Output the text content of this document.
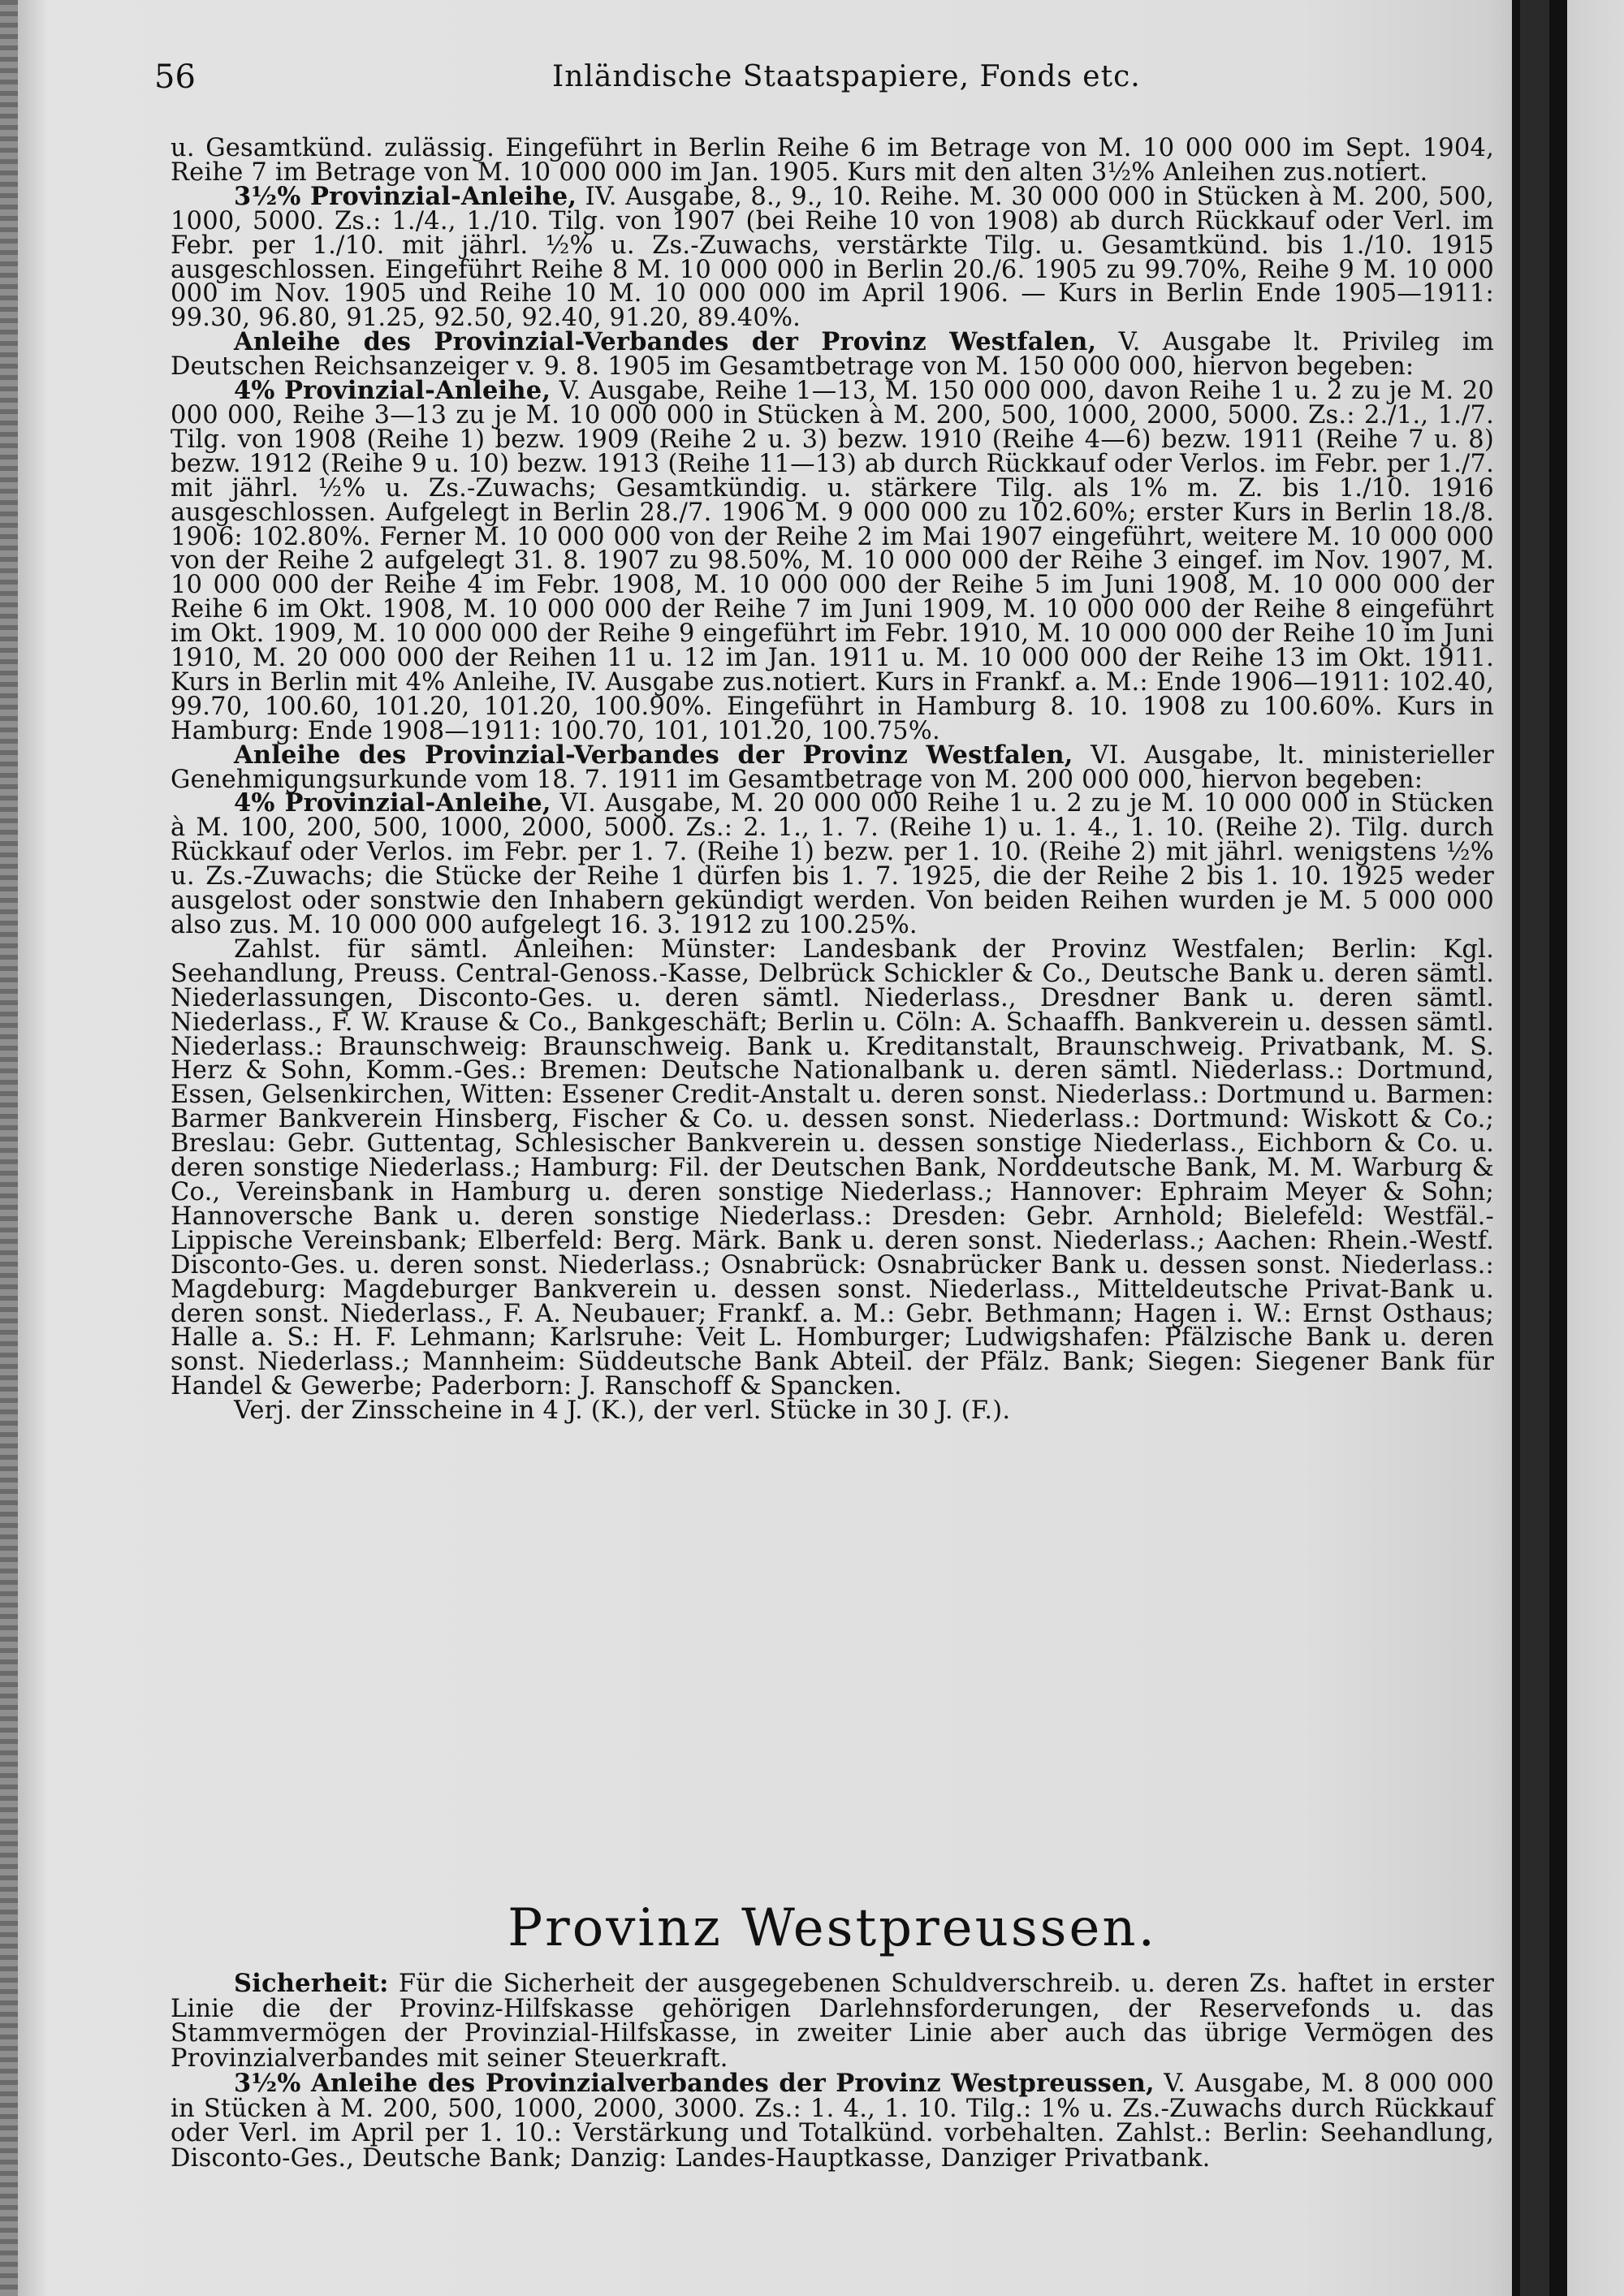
56	Inländische Staatspapiere, Fonds etc.

u. Gesamtkünd. zulässig. Eingeführt in Berlin Reihe 6 im Betrage von M. 10 000 000 im Sept. 1904, Reihe 7 im Betrage von M. 10 000 000 im Jan. 1905. Kurs mit den alten 3½% Anleihen zus.notiert.

3½% Provinzial-Anleihe, IV. Ausgabe, 8., 9., 10. Reihe. M. 30 000 000 in Stücken à M. 200, 500, 1000, 5000. Zs.: 1./4., 1./10. Tilg. von 1907 (bei Reihe 10 von 1908) ab durch Rückkauf oder Verl. im Febr. per 1./10. mit jährl. ½% u. Zs.-Zuwachs, verstärkte Tilg. u. Gesamtkünd. bis 1./10. 1915 ausgeschlossen. Eingeführt Reihe 8 M. 10 000 000 in Berlin 20./6. 1905 zu 99.70%, Reihe 9 M. 10 000 000 im Nov. 1905 und Reihe 10 M. 10 000 000 im April 1906. — Kurs in Berlin Ende 1905—1911: 99.30, 96.80, 91.25, 92.50, 92.40, 91.20, 89.40%.

Anleihe des Provinzial-Verbandes der Provinz Westfalen, V. Ausgabe lt. Privileg im Deutschen Reichsanzeiger v. 9. 8. 1905 im Gesamtbetrage von M. 150 000 000, hiervon begeben:

4% Provinzial-Anleihe, V. Ausgabe, Reihe 1—13, M. 150 000 000, davon Reihe 1 u. 2 zu je M. 20 000 000, Reihe 3—13 zu je M. 10 000 000 in Stücken à M. 200, 500, 1000, 2000, 5000. Zs.: 2./1., 1./7. Tilg. von 1908 (Reihe 1) bezw. 1909 (Reihe 2 u. 3) bezw. 1910 (Reihe 4—6) bezw. 1911 (Reihe 7 u. 8) bezw. 1912 (Reihe 9 u. 10) bezw. 1913 (Reihe 11—13) ab durch Rückkauf oder Verlos. im Febr. per 1./7. mit jährl. ½% u. Zs.-Zuwachs; Gesamtkündig. u. stärkere Tilg. als 1% m. Z. bis 1./10. 1916 ausgeschlossen. Aufgelegt in Berlin 28./7. 1906 M. 9 000 000 zu 102.60%; erster Kurs in Berlin 18./8. 1906: 102.80%. Ferner M. 10 000 000 von der Reihe 2 im Mai 1907 eingeführt, weitere M. 10 000 000 von der Reihe 2 aufgelegt 31. 8. 1907 zu 98.50%, M. 10 000 000 der Reihe 3 eingef. im Nov. 1907, M. 10 000 000 der Reihe 4 im Febr. 1908, M. 10 000 000 der Reihe 5 im Juni 1908, M. 10 000 000 der Reihe 6 im Okt. 1908, M. 10 000 000 der Reihe 7 im Juni 1909, M. 10 000 000 der Reihe 8 eingeführt im Okt. 1909, M. 10 000 000 der Reihe 9 eingeführt im Febr. 1910, M. 10 000 000 der Reihe 10 im Juni 1910, M. 20 000 000 der Reihen 11 u. 12 im Jan. 1911 u. M. 10 000 000 der Reihe 13 im Okt. 1911. Kurs in Berlin mit 4% Anleihe, IV. Ausgabe zus.notiert. Kurs in Frankf. a. M.: Ende 1906—1911: 102.40, 99.70, 100.60, 101.20, 101.20, 100.90%. Eingeführt in Hamburg 8. 10. 1908 zu 100.60%. Kurs in Hamburg: Ende 1908—1911: 100.70, 101, 101.20, 100.75%.

Anleihe des Provinzial-Verbandes der Provinz Westfalen, VI. Ausgabe, lt. ministerieller Genehmigungsurkunde vom 18. 7. 1911 im Gesamtbetrage von M. 200 000 000, hiervon begeben:

4% Provinzial-Anleihe, VI. Ausgabe, M. 20 000 000 Reihe 1 u. 2 zu je M. 10 000 000 in Stücken à M. 100, 200, 500, 1000, 2000, 5000. Zs.: 2. 1., 1. 7. (Reihe 1) u. 1. 4., 1. 10. (Reihe 2). Tilg. durch Rückkauf oder Verlos. im Febr. per 1. 7. (Reihe 1) bezw. per 1. 10. (Reihe 2) mit jährl. wenigstens ½% u. Zs.-Zuwachs; die Stücke der Reihe 1 dürfen bis 1. 7. 1925, die der Reihe 2 bis 1. 10. 1925 weder ausgelost oder sonstwie den Inhabern gekündigt werden. Von beiden Reihen wurden je M. 5 000 000 also zus. M. 10 000 000 aufgelegt 16. 3. 1912 zu 100.25%.

Zahlst. für sämtl. Anleihen: Münster: Landesbank der Provinz Westfalen; Berlin: Kgl. Seehandlung, Preuss. Central-Genoss.-Kasse, Delbrück Schickler & Co., Deutsche Bank u. deren sämtl. Niederlassungen, Disconto-Ges. u. deren sämtl. Niederlass., Dresdner Bank u. deren sämtl. Niederlass., F. W. Krause & Co., Bankgeschäft; Berlin u. Cöln: A. Schaaffh. Bankverein u. dessen sämtl. Niederlass.: Braunschweig: Braunschweig. Bank u. Kreditanstalt, Braunschweig. Privatbank, M. S. Herz & Sohn, Komm.-Ges.: Bremen: Deutsche Nationalbank u. deren sämtl. Niederlass.: Dortmund, Essen, Gelsenkirchen, Witten: Essener Credit-Anstalt u. deren sonst. Niederlass.: Dortmund u. Barmen: Barmer Bankverein Hinsberg, Fischer & Co. u. dessen sonst. Niederlass.: Dortmund: Wiskott & Co.; Breslau: Gebr. Guttentag, Schlesischer Bankverein u. dessen sonstige Niederlass., Eichborn & Co. u. deren sonstige Niederlass.; Hamburg: Fil. der Deutschen Bank, Norddeutsche Bank, M. M. Warburg & Co., Vereinsbank in Hamburg u. deren sonstige Niederlass.; Hannover: Ephraim Meyer & Sohn; Hannoversche Bank u. deren sonstige Niederlass.: Dresden: Gebr. Arnhold; Bielefeld: Westfäl.-Lippische Vereinsbank; Elberfeld: Berg. Märk. Bank u. deren sonst. Niederlass.; Aachen: Rhein.-Westf. Disconto-Ges. u. deren sonst. Niederlass.; Osnabrück: Osnabrücker Bank u. dessen sonst. Niederlass.: Magdeburg: Magdeburger Bankverein u. dessen sonst. Niederlass., Mitteldeutsche Privat-Bank u. deren sonst. Niederlass., F. A. Neubauer; Frankf. a. M.: Gebr. Bethmann; Hagen i. W.: Ernst Osthaus; Halle a. S.: H. F. Lehmann; Karlsruhe: Veit L. Homburger; Ludwigshafen: Pfälzische Bank u. deren sonst. Niederlass.; Mannheim: Süddeutsche Bank Abteil. der Pfälz. Bank; Siegen: Siegener Bank für Handel & Gewerbe; Paderborn: J. Ranschoff & Spancken.

Verj. der Zinsscheine in 4 J. (K.), der verl. Stücke in 30 J. (F.).

Provinz Westpreussen.

Sicherheit: Für die Sicherheit der ausgegebenen Schuldverschreib. u. deren Zs. haftet in erster Linie die der Provinz-Hilfskasse gehörigen Darlehnsforderungen, der Reservefonds u. das Stammvermögen der Provinzial-Hilfskasse, in zweiter Linie aber auch das übrige Vermögen des Provinzialverbandes mit seiner Steuerkraft.

3½% Anleihe des Provinzialverbandes der Provinz Westpreussen, V. Ausgabe, M. 8 000 000 in Stücken à M. 200, 500, 1000, 2000, 3000. Zs.: 1. 4., 1. 10. Tilg.: 1% u. Zs.-Zuwachs durch Rückkauf oder Verl. im April per 1. 10.: Verstärkung und Totalkünd. vorbehalten. Zahlst.: Berlin: Seehandlung, Disconto-Ges., Deutsche Bank; Danzig: Landes-Hauptkasse, Danziger Privatbank.
